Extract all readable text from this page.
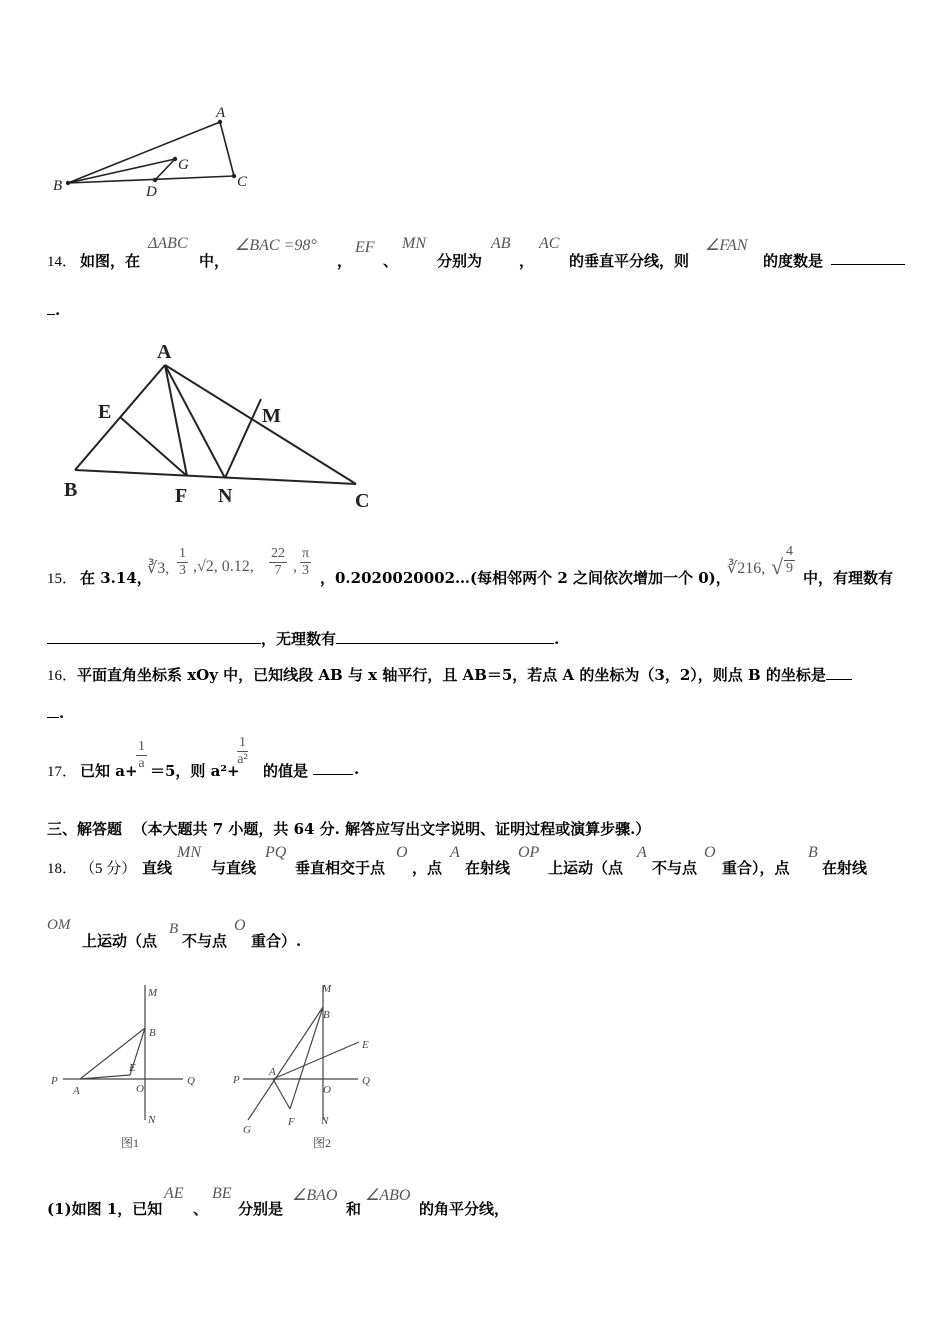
A
B	C
D
G
14． 如图，在
ΔABC
中，
∠BAC =98°
，
EF
、
MN
分别为
AB
，
AC
的垂直平分线，则
∠FAN
的度数是
.
A
E	M
B	F N	C
15． 在 3.14，
∛3, $\frac{1}{3} ,√2$, 0.12, $\frac{22}{7}$ , $\frac{\pi}{3}$ ，0.2020020002…(每相邻两个 2 之间依次增加一个 0)，
∛216, √ $\frac{4}{9}$
中，有理数有
，无理数有	.
16．平面直角坐标系 xOy 中，已知线段 AB 与 x 轴平行，且 AB＝5，若点 A 的坐标为（3，2），则点 B 的坐标是
.
17． 已知 a+
$\frac{1}{a} =5$，则 a²+
$\frac{1}{\text{a²}}$
的值是	.
三、解答题 （本大题共 7 小题，共 64 分. 解答应写出文字说明、证明过程或演算步骤.）
18． （5 分） 直线
MN
与直线
PQ
垂直相交于点
O
，点
A
在射线
OP
上运动（点
A
不与点
O
重合），点
B
在射线
OM
上运动（点
B
不与点
O
重合）.
M
B
E
P
A	O
Q
N
图1
M
B
E
P
A
O
Q
F
G
N
图2
(1)如图 1，已知
AE
、
BE
分别是
∠BAO
和
∠ABO
的角平分线，
